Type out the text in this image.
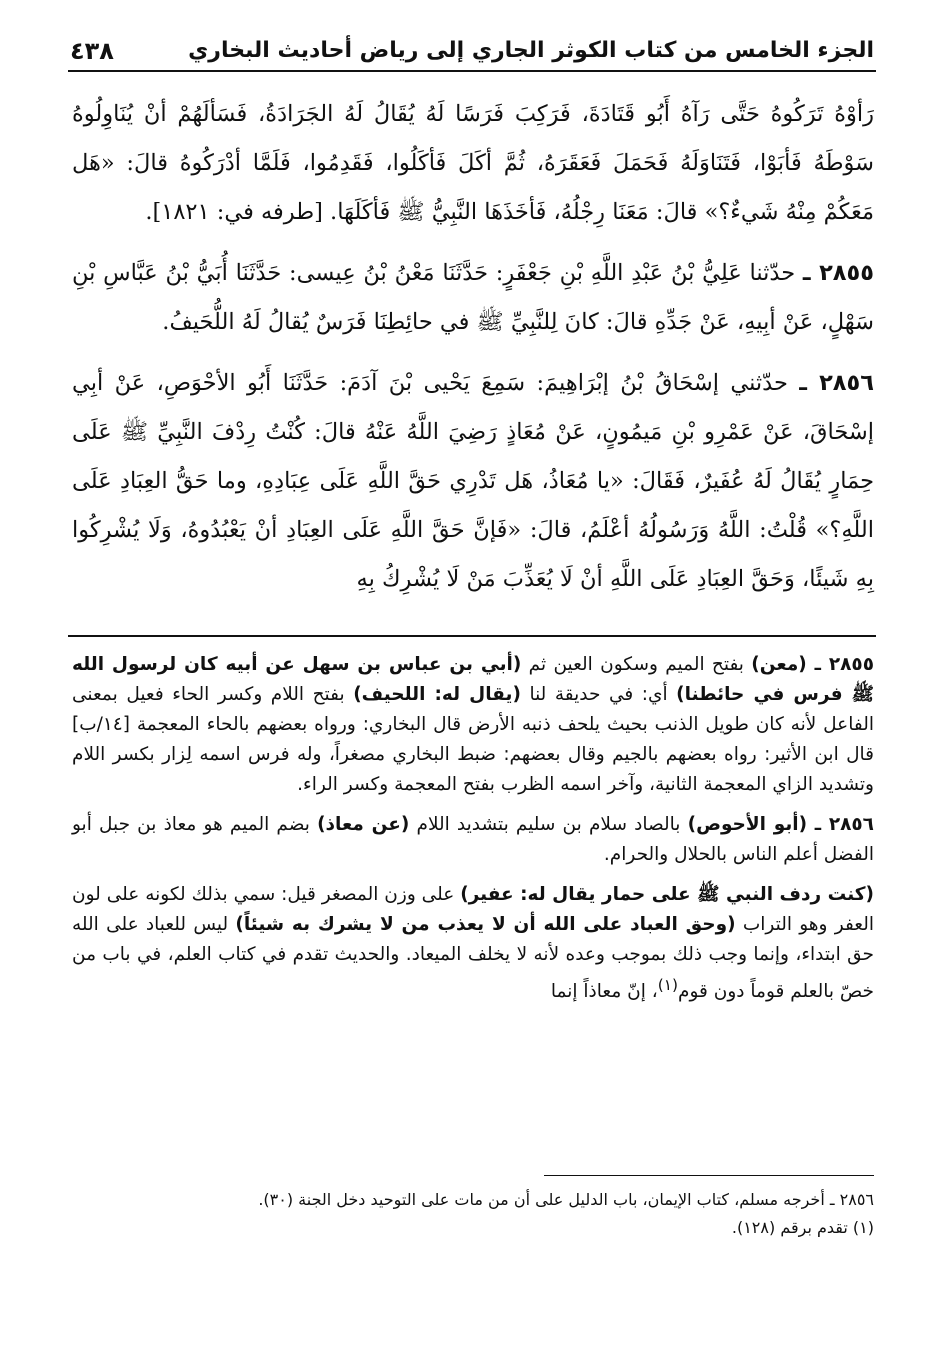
الجزء الخامس من كتاب الكوثر الجاري إلى رياض أحاديث البخاري
٤٣٨

رَأوْهُ تَرَكُوهُ حَتَّى رَآهُ أَبُو قَتَادَةَ، فَرَكِبَ فَرَسًا لَهُ يُقَالُ لَهُ الجَرَادَةُ، فَسَألَهُمْ أنْ يُنَاوِلُوهُ سَوْطَهُ فَأبَوْا، فَتَنَاوَلَهُ فَحَمَلَ فَعَقَرَهُ، ثُمَّ أكَلَ فَأكَلُوا، فَقَدِمُوا، فَلَمَّا أدْرَكُوهُ قالَ: «هَل مَعَكُمْ مِنْهُ شَيءٌ؟» قالَ: مَعَنَا رِجْلُهُ، فَأخَذَهَا النَّبِيُّ ﷺ فَأكَلَهَا. [طرفه في: ١٨٢١].

٢٨٥٥ ـ حدّثنا عَلِيُّ بْنُ عَبْدِ اللَّهِ بْنِ جَعْفَرٍ: حَدَّثَنَا مَعْنُ بْنُ عِيسى: حَدَّثَنَا أُبَيُّ بْنُ عَبَّاسِ بْنِ سَهْلٍ، عَنْ أبِيهِ، عَنْ جَدِّهِ قالَ: كانَ لِلنَّبِيِّ ﷺ في حائِطِنَا فَرَسٌ يُقالُ لَهُ اللُّحَيفُ.

٢٨٥٦ ـ حدّثني إسْحَاقُ بْنُ إبْرَاهِيمَ: سَمِعَ يَحْيى بْنَ آدَمَ: حَدَّثَنَا أَبُو الأحْوَصِ، عَنْ أبِي إسْحَاقَ، عَنْ عَمْرِو بْنِ مَيمُونٍ، عَنْ مُعَاذٍ رَضِيَ اللَّهُ عَنْهُ قالَ: كُنْتُ رِدْفَ النَّبِيِّ ﷺ عَلَى حِمَارٍ يُقَالُ لَهُ عُفَيرٌ، فَقَالَ: «يا مُعَاذُ، هَل تَدْرِي حَقَّ اللَّهِ عَلَى عِبَادِهِ، وما حَقُّ العِبَادِ عَلَى اللَّهِ؟» قُلْتُ: اللَّهُ وَرَسُولُهُ أعْلَمُ، قالَ: «فَإنَّ حَقَّ اللَّهِ عَلَى العِبَادِ أنْ يَعْبُدُوهُ، وَلَا يُشْرِكُوا بِهِ شَيئًا، وَحَقَّ العِبَادِ عَلَى اللَّهِ أنْ لَا يُعَذِّبَ مَنْ لَا يُشْرِكُ بِهِ

٢٨٥٥ ـ (معن) بفتح الميم وسكون العين ثم (أبي بن عباس بن سهل عن أبيه كان لرسول الله ﷺ فرس في حائطنا) أي: في حديقة لنا (يقال له: اللحيف) بفتح اللام وكسر الحاء فعيل بمعنى الفاعل لأنه كان طويل الذنب بحيث يلحف ذنبه الأرض قال البخاري: ورواه بعضهم بالحاء المعجمة [١٤/ب] قال ابن الأثير: رواه بعضهم بالجيم وقال بعضهم: ضبط البخاري مصغراً، وله فرس اسمه لِزار بكسر اللام وتشديد الزاي المعجمة الثانية، وآخر اسمه الظرب بفتح المعجمة وكسر الراء.

٢٨٥٦ ـ (أبو الأحوص) بالصاد سلام بن سليم بتشديد اللام (عن معاذ) بضم الميم هو معاذ بن جبل أبو الفضل أعلم الناس بالحلال والحرام.

(كنت ردف النبي ﷺ على حمار يقال له: عفير) على وزن المصغر قيل: سمي بذلك لكونه على لون العفر وهو التراب (وحق العباد على الله أن لا يعذب من لا يشرك به شيئاً) ليس للعباد على الله حق ابتداء، وإنما وجب ذلك بموجب وعده لأنه لا يخلف الميعاد. والحديث تقدم في كتاب العلم، في باب من خصّ بالعلم قوماً دون قوم$^{(١)}$، إنّ معاذاً إنما

٢٨٥٦ ـ أخرجه مسلم، كتاب الإيمان، باب الدليل على أن من مات على التوحيد دخل الجنة (٣٠).

(١) تقدم برقم (١٢٨).
